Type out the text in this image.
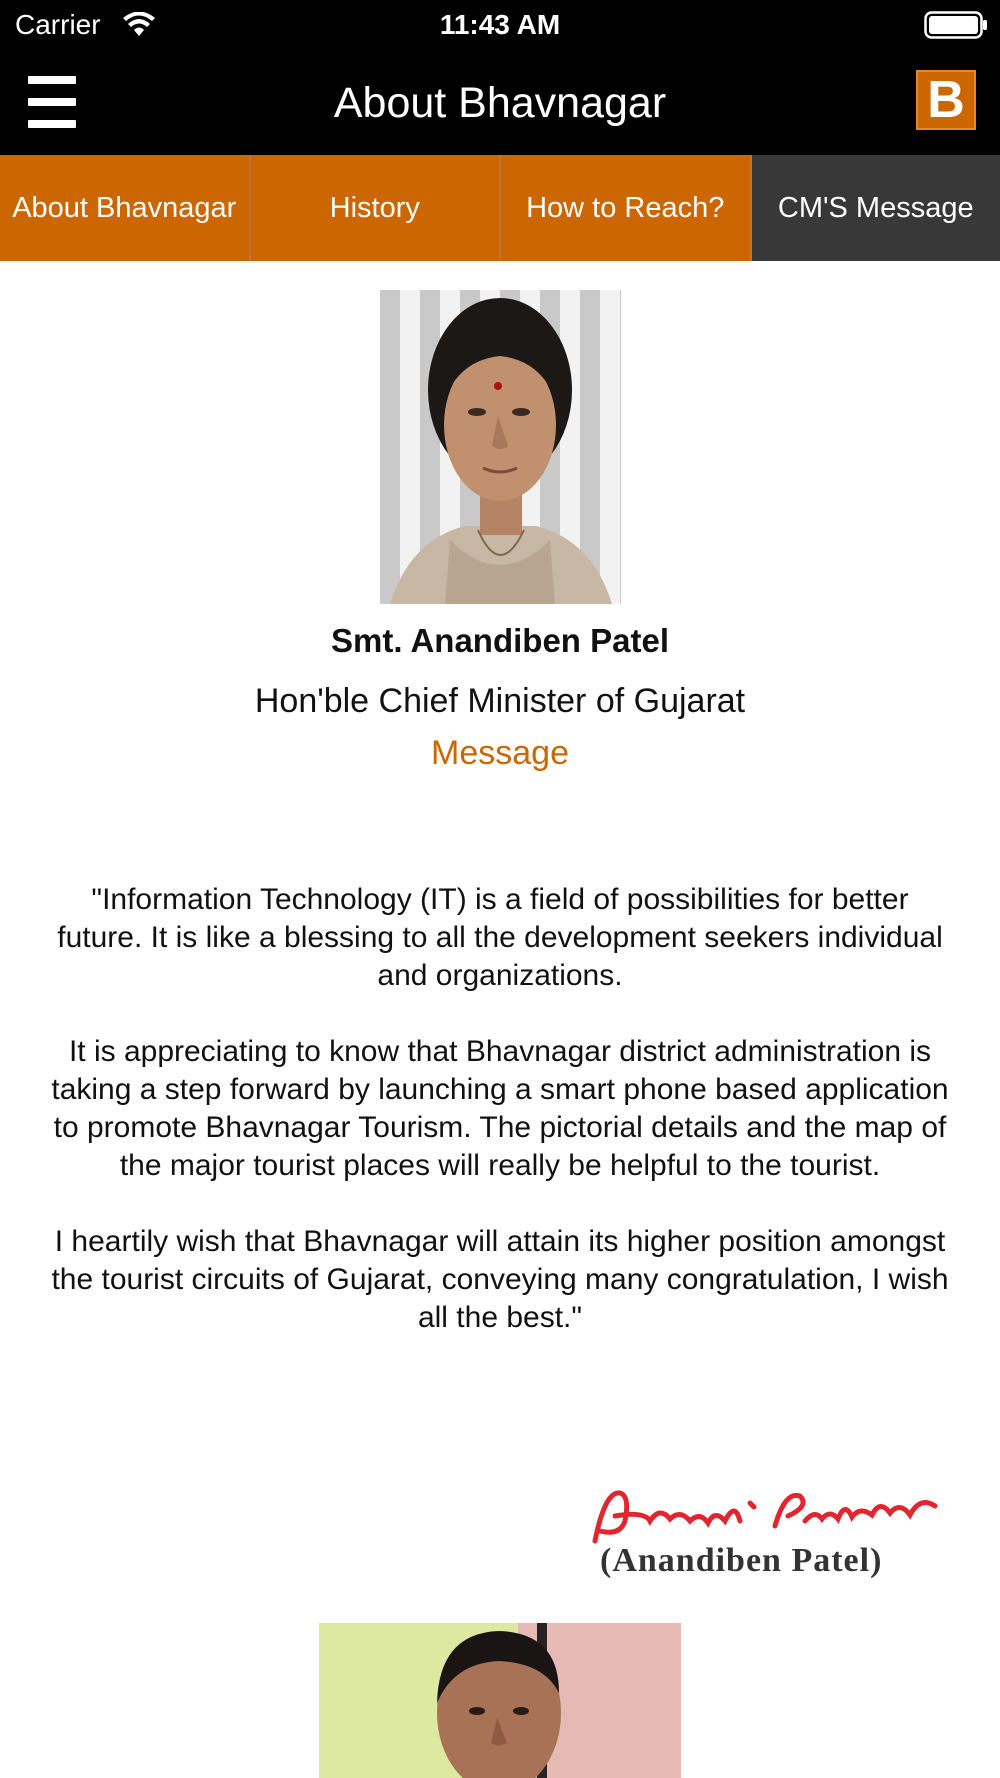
Carrier	11:43 AM
About Bhavnagar	B
About Bhavnagar	History	How to Reach?	CM'S Message
Smt. Anandiben Patel
Hon'ble Chief Minister of Gujarat
Message

"Information Technology (IT) is a field of possibilities for better future. It is like a blessing to all the development seekers individual and organizations.

It is appreciating to know that Bhavnagar district administration is taking a step forward by launching a smart phone based application to promote Bhavnagar Tourism. The pictorial details and the map of the major tourist places will really be helpful to the tourist.

I heartily wish that Bhavnagar will attain its higher position amongst the tourist circuits of Gujarat, conveying many congratulation, I wish all the best."

(Anandiben Patel)
